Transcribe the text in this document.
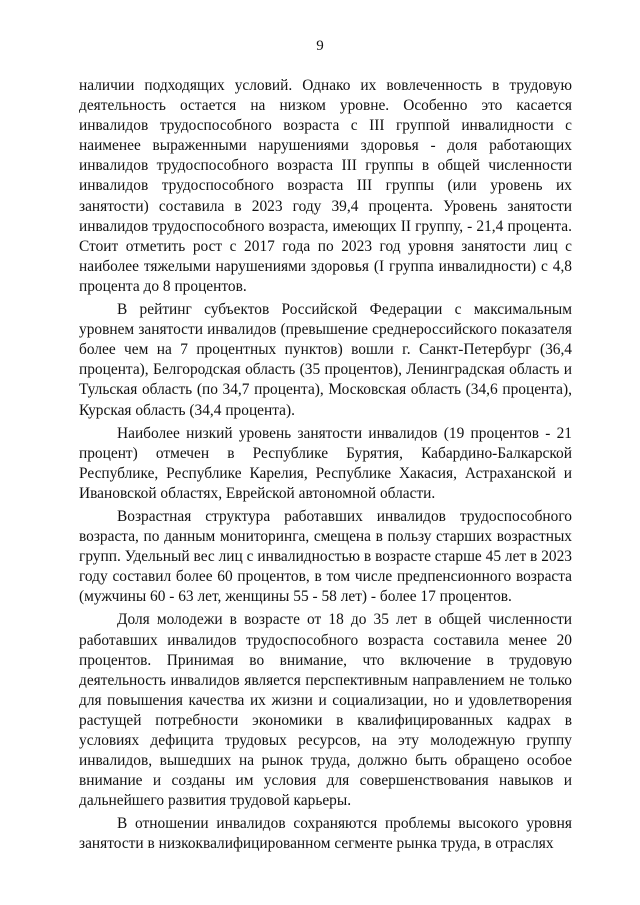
9

наличии подходящих условий. Однако их вовлеченность в трудовую деятельность остается на низком уровне. Особенно это касается инвалидов трудоспособного возраста с III группой инвалидности с наименее выраженными нарушениями здоровья - доля работающих инвалидов трудоспособного возраста III группы в общей численности инвалидов трудоспособного возраста III группы (или уровень их занятости) составила в 2023 году 39,4 процента. Уровень занятости инвалидов трудоспособного возраста, имеющих II группу, - 21,4 процента. Стоит отметить рост с 2017 года по 2023 год уровня занятости лиц с наиболее тяжелыми нарушениями здоровья (I группа инвалидности) с 4,8 процента до 8 процентов.

В рейтинг субъектов Российской Федерации с максимальным уровнем занятости инвалидов (превышение среднероссийского показателя более чем на 7 процентных пунктов) вошли г. Санкт-Петербург (36,4 процента), Белгородская область (35 процентов), Ленинградская область и Тульская область (по 34,7 процента), Московская область (34,6 процента), Курская область (34,4 процента).

Наиболее низкий уровень занятости инвалидов (19 процентов - 21 процент) отмечен в Республике Бурятия, Кабардино-Балкарской Республике, Республике Карелия, Республике Хакасия, Астраханской и Ивановской областях, Еврейской автономной области.

Возрастная структура работавших инвалидов трудоспособного возраста, по данным мониторинга, смещена в пользу старших возрастных групп. Удельный вес лиц с инвалидностью в возрасте старше 45 лет в 2023 году составил более 60 процентов, в том числе предпенсионного возраста (мужчины 60 - 63 лет, женщины 55 - 58 лет) - более 17 процентов.

Доля молодежи в возрасте от 18 до 35 лет в общей численности работавших инвалидов трудоспособного возраста составила менее 20 процентов. Принимая во внимание, что включение в трудовую деятельность инвалидов является перспективным направлением не только для повышения качества их жизни и социализации, но и удовлетворения растущей потребности экономики в квалифицированных кадрах в условиях дефицита трудовых ресурсов, на эту молодежную группу инвалидов, вышедших на рынок труда, должно быть обращено особое внимание и созданы им условия для совершенствования навыков и дальнейшего развития трудовой карьеры.

В отношении инвалидов сохраняются проблемы высокого уровня занятости в низкоквалифицированном сегменте рынка труда, в отраслях
